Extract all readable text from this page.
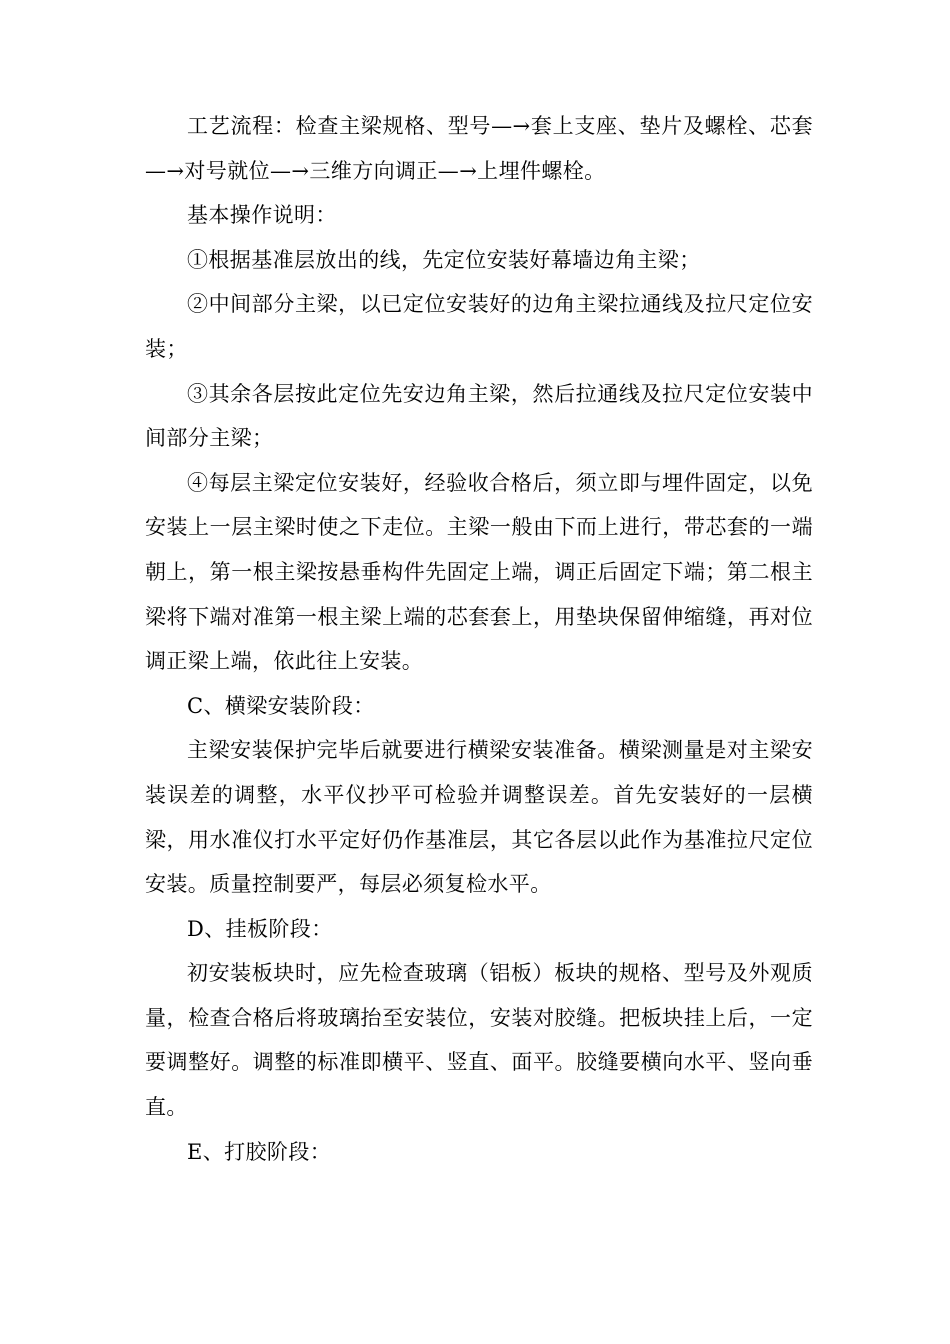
工艺流程：检查主梁规格、型号—→套上支座、垫片及螺栓、芯套—→对号就位—→三维方向调正—→上埋件螺栓。

基本操作说明：

①根据基准层放出的线，先定位安装好幕墙边角主梁；

②中间部分主梁，以已定位安装好的边角主梁拉通线及拉尺定位安装；

③其余各层按此定位先安边角主梁，然后拉通线及拉尺定位安装中间部分主梁；

④每层主梁定位安装好，经验收合格后，须立即与埋件固定，以免安装上一层主梁时使之下走位。主梁一般由下而上进行，带芯套的一端朝上，第一根主梁按悬垂构件先固定上端，调正后固定下端；第二根主梁将下端对准第一根主梁上端的芯套套上，用垫块保留伸缩缝，再对位调正梁上端，依此往上安装。

C、横梁安装阶段：

主梁安装保护完毕后就要进行横梁安装准备。横梁测量是对主梁安装误差的调整，水平仪抄平可检验并调整误差。首先安装好的一层横梁，用水准仪打水平定好仍作基准层，其它各层以此作为基准拉尺定位安装。质量控制要严，每层必须复检水平。

D、挂板阶段：

初安装板块时，应先检查玻璃（铝板）板块的规格、型号及外观质量，检查合格后将玻璃抬至安装位，安装对胶缝。把板块挂上后，一定要调整好。调整的标准即横平、竖直、面平。胶缝要横向水平、竖向垂直。

E、打胶阶段：
